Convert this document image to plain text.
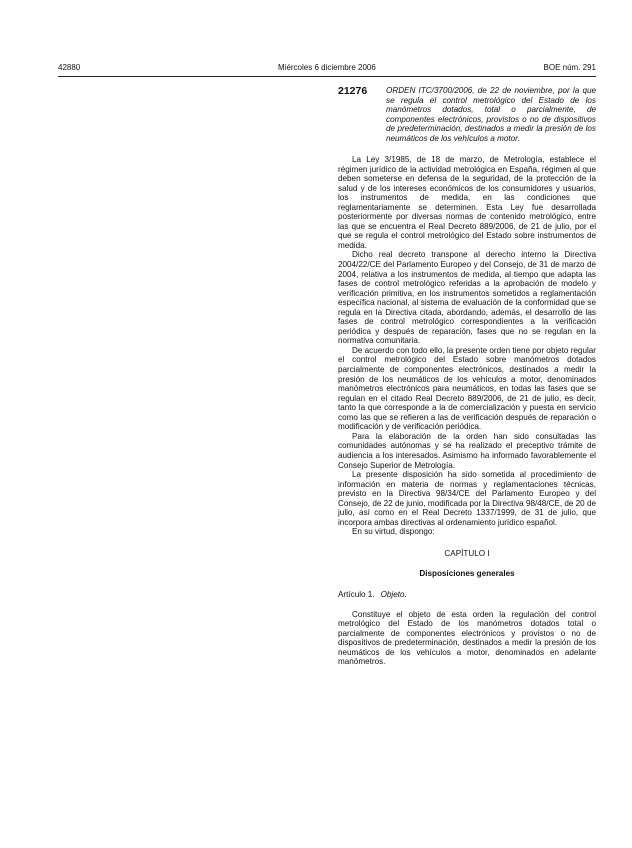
42880	Miércoles 6 diciembre 2006	BOE núm. 291
21276	ORDEN ITC/3700/2006, de 22 de noviembre, por la que se regula el control metrológico del Estado de los manómetros dotados, total o parcialmente, de componentes electrónicos, provistos o no de dispositivos de predeterminación, destinados a medir la presión de los neumáticos de los vehículos a motor.

La Ley 3/1985, de 18 de marzo, de Metrología, establece el régimen jurídico de la actividad metrológica en España, régimen al que deben someterse en defensa de la seguridad, de la protección de la salud y de los intereses económicos de los consumidores y usuarios, los instrumentos de medida, en las condiciones que reglamentariamente se determinen. Esta Ley fue desarrollada posteriormente por diversas normas de contenido metrológico, entre las que se encuentra el Real Decreto 889/2006, de 21 de julio, por el que se regula el control metrológico del Estado sobre instrumentos de medida.

Dicho real decreto transpone al derecho interno la Directiva 2004/22/CE del Parlamento Europeo y del Consejo, de 31 de marzo de 2004, relativa a los instrumentos de medida, al tiempo que adapta las fases de control metrológico referidas a la aprobación de modelo y verificación primitiva, en los instrumentos sometidos a reglamentación específica nacional, al sistema de evaluación de la conformidad que se regula en la Directiva citada, abordando, además, el desarrollo de las fases de control metrológico correspondientes a la verificación periódica y después de reparación, fases que no se regulan en la normativa comunitaria.

De acuerdo con todo ello, la presente orden tiene por objeto regular el control metrológico del Estado sobre manómetros dotados parcialmente de componentes electrónicos, destinados a medir la presión de los neumáticos de los vehículos a motor, denominados manómetros electrónicos para neumáticos, en todas las fases que se regulan en el citado Real Decreto 889/2006, de 21 de julio, es decir, tanto la que corresponde a la de comercialización y puesta en servicio como las que se refieren a las de verificación después de reparación o modificación y de verificación periódica.

Para la elaboración de la orden han sido consultadas las comunidades autónomas y se ha realizado el preceptivo trámite de audiencia a los interesados. Asimismo ha informado favorablemente el Consejo Superior de Metrología.

La presente disposición ha sido sometida al procedimiento de información en materia de normas y reglamentaciones técnicas, previsto en la Directiva 98/34/CE del Parlamento Europeo y del Consejo, de 22 de junio, modificada por la Directiva 98/48/CE, de 20 de julio, así como en el Real Decreto 1337/1999, de 31 de julio, que incorpora ambas directivas al ordenamiento jurídico español.

En su virtud, dispongo:

CAPÍTULO I
Disposiciones generales
Artículo 1. Objeto.

Constituye el objeto de esta orden la regulación del control metrológico del Estado de los manómetros dotados total o parcialmente de componentes electrónicos y provistos o no de dispositivos de predeterminación, destinados a medir la presión de los neumáticos de los vehículos a motor, denominados en adelante manómetros.
